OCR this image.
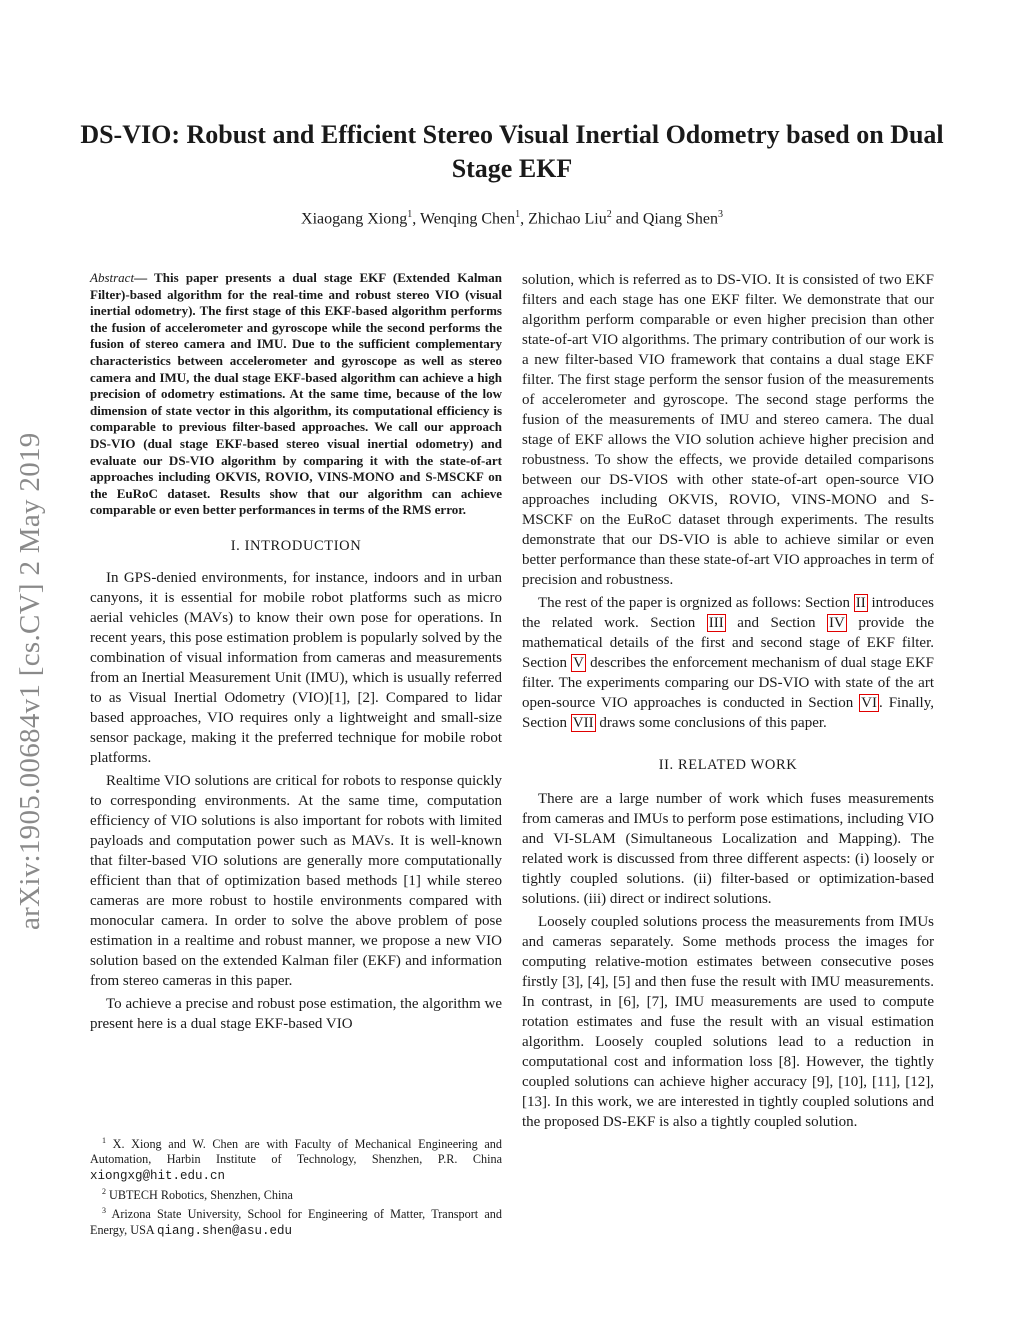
arXiv:1905.00684v1 [cs.CV] 2 May 2019
DS-VIO: Robust and Efficient Stereo Visual Inertial Odometry based on Dual Stage EKF
Xiaogang Xiong$^1$, Wenqing Chen$^1$, Zhichao Liu$^2$ and Qiang Shen$^3$

Abstract— This paper presents a dual stage EKF (Extended Kalman Filter)-based algorithm for the real-time and robust stereo VIO (visual inertial odometry). The first stage of this EKF-based algorithm performs the fusion of accelerometer and gyroscope while the second performs the fusion of stereo camera and IMU. Due to the sufficient complementary characteristics between accelerometer and gyroscope as well as stereo camera and IMU, the dual stage EKF-based algorithm can achieve a high precision of odometry estimations. At the same time, because of the low dimension of state vector in this algorithm, its computational efficiency is comparable to previous filter-based approaches. We call our approach DS-VIO (dual stage EKF-based stereo visual inertial odometry) and evaluate our DS-VIO algorithm by comparing it with the state-of-art approaches including OKVIS, ROVIO, VINS-MONO and S-MSCKF on the EuRoC dataset. Results show that our algorithm can achieve comparable or even better performances in terms of the RMS error.

I. INTRODUCTION

In GPS-denied environments, for instance, indoors and in urban canyons, it is essential for mobile robot platforms such as micro aerial vehicles (MAVs) to know their own pose for operations. In recent years, this pose estimation problem is popularly solved by the combination of visual information from cameras and measurements from an Inertial Measurement Unit (IMU), which is usually referred to as Visual Inertial Odometry (VIO)[1], [2]. Compared to lidar based approaches, VIO requires only a lightweight and small-size sensor package, making it the preferred technique for mobile robot platforms.

Realtime VIO solutions are critical for robots to response quickly to corresponding environments. At the same time, computation efficiency of VIO solutions is also important for robots with limited payloads and computation power such as MAVs. It is well-known that filter-based VIO solutions are generally more computationally efficient than that of optimization based methods [1] while stereo cameras are more robust to hostile environments compared with monocular camera. In order to solve the above problem of pose estimation in a realtime and robust manner, we propose a new VIO solution based on the extended Kalman filer (EKF) and information from stereo cameras in this paper.

To achieve a precise and robust pose estimation, the algorithm we present here is a dual stage EKF-based VIO

$^1$ X. Xiong and W. Chen are with Faculty of Mechanical Engineering and Automation, Harbin Institute of Technology, Shenzhen, P.R. China xiongxg@hit.edu.cn

$^2$ UBTECH Robotics, Shenzhen, China

$^3$ Arizona State University, School for Engineering of Matter, Transport and Energy, USA qiang.shen@asu.edu

solution, which is referred as to DS-VIO. It is consisted of two EKF filters and each stage has one EKF filter. We demonstrate that our algorithm perform comparable or even higher precision than other state-of-art VIO algorithms. The primary contribution of our work is a new filter-based VIO framework that contains a dual stage EKF filter. The first stage perform the sensor fusion of the measurements of accelerometer and gyroscope. The second stage performs the fusion of the measurements of IMU and stereo camera. The dual stage of EKF allows the VIO solution achieve higher precision and robustness. To show the effects, we provide detailed comparisons between our DS-VIOS with other state-of-art open-source VIO approaches including OKVIS, ROVIO, VINS-MONO and S-MSCKF on the EuRoC dataset through experiments. The results demonstrate that our DS-VIO is able to achieve similar or even better performance than these state-of-art VIO approaches in term of precision and robustness.

The rest of the paper is orgnized as follows: Section II introduces the related work. Section III and Section IV provide the mathematical details of the first and second stage of EKF filter. Section V describes the enforcement mechanism of dual stage EKF filter. The experiments comparing our DS-VIO with state of the art open-source VIO approaches is conducted in Section VI . Finally, Section VII draws some conclusions of this paper.

II. RELATED WORK

There are a large number of work which fuses measurements from cameras and IMUs to perform pose estimations, including VIO and VI-SLAM (Simultaneous Localization and Mapping). The related work is discussed from three different aspects: (i) loosely or tightly coupled solutions. (ii) filter-based or optimization-based solutions. (iii) direct or indirect solutions.

Loosely coupled solutions process the measurements from IMUs and cameras separately. Some methods process the images for computing relative-motion estimates between consecutive poses firstly [3], [4], [5] and then fuse the result with IMU measurements. In contrast, in [6], [7], IMU measurements are used to compute rotation estimates and fuse the result with an visual estimation algorithm. Loosely coupled solutions lead to a reduction in computational cost and information loss [8]. However, the tightly coupled solutions can achieve higher accuracy [9], [10], [11], [12], [13]. In this work, we are interested in tightly coupled solutions and the proposed DS-EKF is also a tightly coupled solution.
